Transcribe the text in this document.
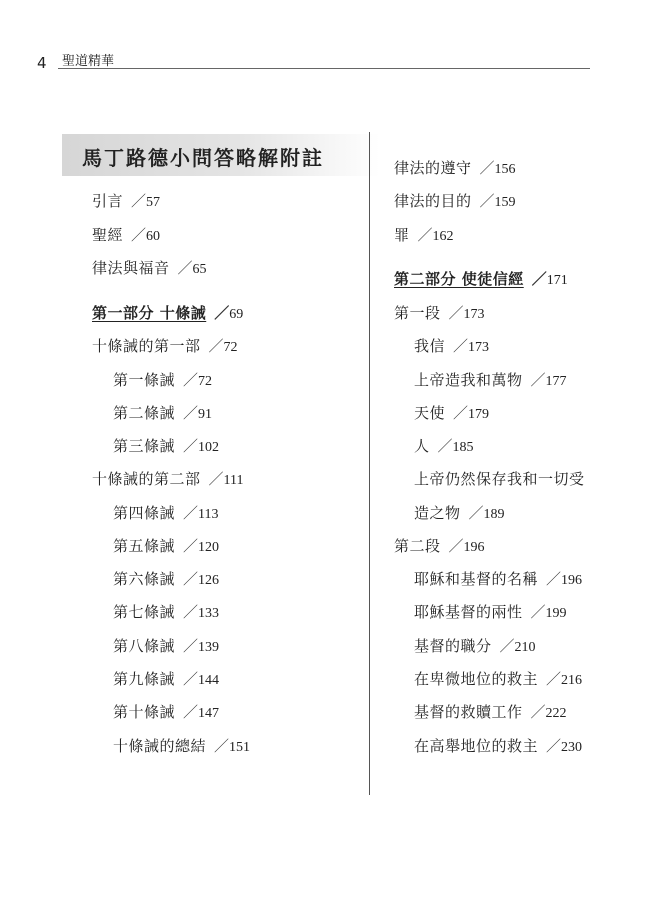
4 聖道精華
馬丁路德小問答略解附註
引言 ／57
聖經 ／60
律法與福音 ／65
第一部分 十條誡 ／69
十條誡的第一部 ／72
第一條誡 ／72
第二條誡 ／91
第三條誡 ／102
十條誡的第二部 ／111
第四條誡 ／113
第五條誡 ／120
第六條誡 ／126
第七條誡 ／133
第八條誡 ／139
第九條誡 ／144
第十條誡 ／147
十條誡的總結 ／151
律法的遵守 ／156
律法的目的 ／159
罪 ／162
第二部分 使徒信經 ／171
第一段 ／173
我信 ／173
上帝造我和萬物 ／177
天使 ／179
人 ／185
上帝仍然保存我和一切受
造之物 ／189
第二段 ／196
耶穌和基督的名稱 ／196
耶穌基督的兩性 ／199
基督的職分 ／210
在卑微地位的救主 ／216
基督的救贖工作 ／222
在高舉地位的救主 ／230
